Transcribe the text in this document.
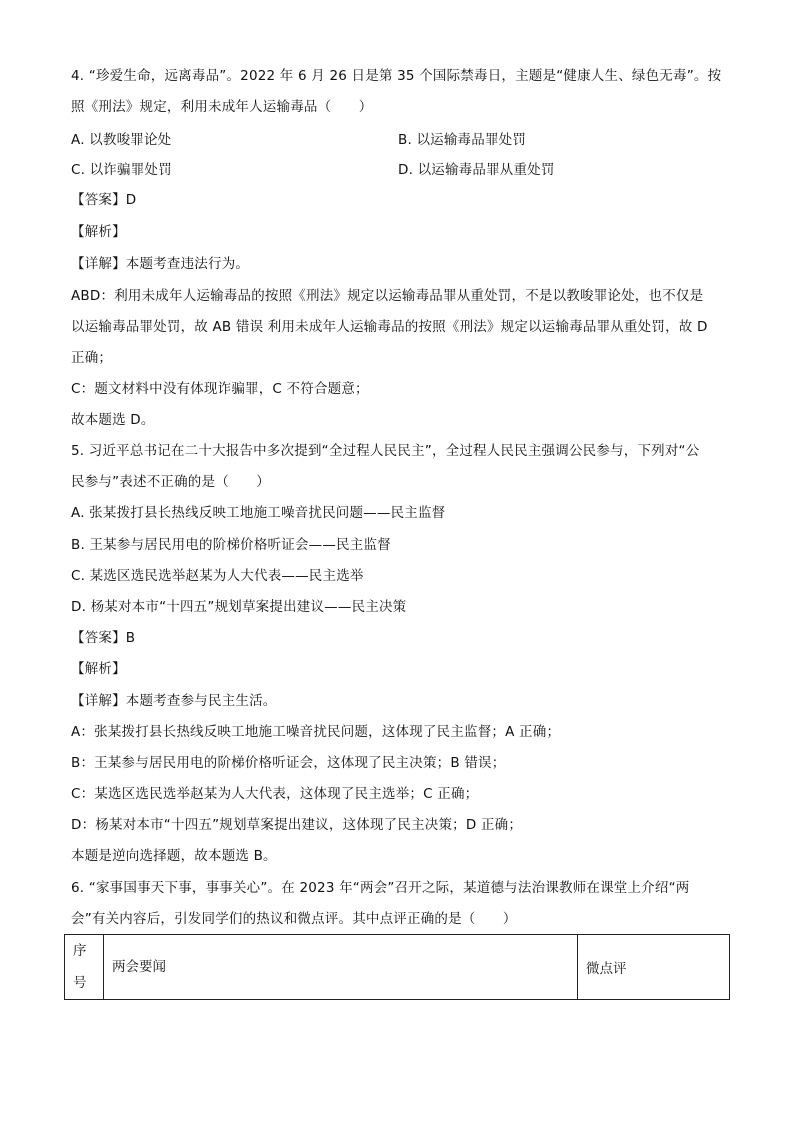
4. “珍爱生命，远离毒品”。2022 年 6 月 26 日是第 35 个国际禁毒日，主题是“健康人生、绿色无毒”。按
照《刑法》规定，利用未成年人运输毒品（　　）
A. 以教唆罪论处	B. 以运输毒品罪处罚
C. 以诈骗罪处罚	D. 以运输毒品罪从重处罚
【答案】D
【解析】
【详解】本题考查违法行为。
ABD：利用未成年人运输毒品的按照《刑法》规定以运输毒品罪从重处罚，不是以教唆罪论处，也不仅是
以运输毒品罪处罚，故 AB 错误 利用未成年人运输毒品的按照《刑法》规定以运输毒品罪从重处罚，故 D
正确；
C：题文材料中没有体现诈骗罪，C 不符合题意；
故本题选 D。
5. 习近平总书记在二十大报告中多次提到“全过程人民民主”，全过程人民民主强调公民参与，下列对“公
民参与”表述不正确的是（　　）
A. 张某拨打县长热线反映工地施工噪音扰民问题——民主监督
B. 王某参与居民用电的阶梯价格听证会——民主监督
C. 某选区选民选举赵某为人大代表——民主选举
D. 杨某对本市“十四五”规划草案提出建议——民主决策
【答案】B
【解析】
【详解】本题考查参与民主生活。
A：张某拨打县长热线反映工地施工噪音扰民问题，这体现了民主监督；A 正确；
B：王某参与居民用电的阶梯价格听证会，这体现了民主决策；B 错误；
C：某选区选民选举赵某为人大代表，这体现了民主选举；C 正确；
D：杨某对本市“十四五”规划草案提出建议，这体现了民主决策；D 正确；
本题是逆向选择题，故本题选 B。
6. “家事国事天下事，事事关心”。在 2023 年“两会”召开之际，某道德与法治课教师在课堂上介绍“两
会”有关内容后，引发同学们的热议和微点评。其中点评正确的是（　　）
序
号
	两会要闻	微点评
